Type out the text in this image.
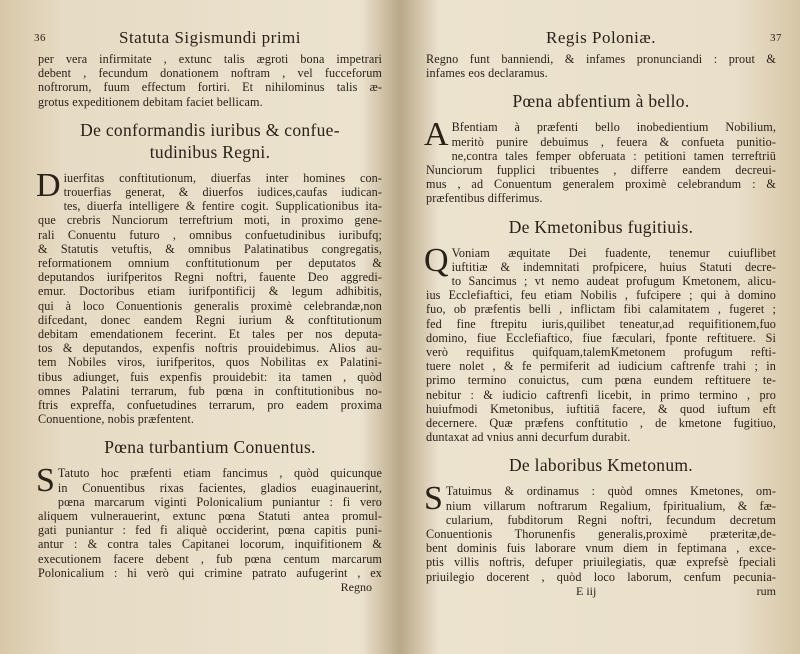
36	Statuta Sigismundi primi
per vera infirmitate , extunc talis ægroti bona impetrari
debent , fecundum donationem noftram , vel fucceforum
noftrorum, fuum effectum fortiri. Et nihilominus talis æ-
grotus expeditionem debitam faciet bellicam.
De conformandis iuribus & confue-
tudinibus Regni.
D iuerfitas conftitutionum, diuerfas inter homines con-
trouerfias generat, & diuerfos iudices,caufas iudican-
tes, diuerfa intelligere & fentire cogit. Supplicationibus ita-
que crebris Nunciorum terreftrium moti, in proximo gene-
rali Conuentu futuro , omnibus confuetudinibus iuribufq;
& Statutis vetuftis, & omnibus Palatinatibus congregatis,
reformationem omnium conftitutionum per deputatos &
deputandos iurifperitos Regni noftri, fauente Deo aggredi-
emur. Doctoribus etiam iurifpontificij & legum adhibitis,
qui à loco Conuentionis generalis proximè celebrandæ,non
difcedant, donec eandem Regni iurium & conftitutionum
debitam emendationem fecerint. Et tales per nos deputa-
tos & deputandos, expenfis noftris prouidebimus. Alios au-
tem Nobiles viros, iurifperitos, quos Nobilitas ex Palatini-
tibus adiunget, fuis expenfis prouidebit: ita tamen , quòd
omnes Palatini terrarum, fub pœna in conftitutionibus no-
ftris expreffa, confuetudines terrarum, pro eadem proxima
Conuentione, nobis præfentent.
Pœna turbantium Conuentus.
S Tatuto hoc præfenti etiam fancimus , quòd quicunque
in Conuentibus rixas facientes, gladios euaginauerint,
pœna marcarum viginti Polonicalium puniantur : fi vero
aliquem vulnerauerint, extunc pœna Statuti antea promul-
gati puniantur : fed fi aliquè occiderint, pœna capitis puni-
antur : & contra tales Capitanei locorum, inquifitionem &
executionem facere debent , fub pœna centum marcarum
Polonicalium : hi verò qui crimine patrato aufugerint , ex
Regno
Regis Poloniæ.	37
Regno funt banniendi, & infames pronunciandi : prout &
infames eos declaramus.
Pœna abfentium à bello.
A Bfentiam à præfenti bello inobedientium Nobilium,
meritò punire debuimus , feuera & confueta punitio-
ne,contra tales femper obferuata : petitioni tamen terreftriū
Nunciorum fupplici tribuentes , differre eandem decreui-
mus , ad Conuentum generalem proximè celebrandum : &
præfentibus differimus.
De Kmetonibus fugitiuis.
Q Voniam æquitate Dei fuadente, tenemur cuiuflibet
iuftitiæ & indemnitati profpicere, huius Statuti decre-
to Sancimus ; vt nemo audeat profugum Kmetonem, alicu-
ius Ecclefiaftici, feu etiam Nobilis , fufcipere ; qui à domino
fuo, ob præfentis belli , inflictam fibi calamitatem , fugeret ;
fed fine ftrepitu iuris,quilibet teneatur,ad requifitionem,fuo
domino, fiue Ecclefiaftico, fiue fæculari, fponte reftituere. Si
verò requifitus quifquam,talemKmetonem profugum refti-
tuere nolet , & fe permiferit ad iudicium caftrenfe trahi ; in
primo termino conuictus, cum pœna eundem reftituere te-
nebitur : & iudicio caftrenfi licebit, in primo termino , pro
huiufmodi Kmetonibus, iuftitiā facere, & quod iuftum eft
decernere. Quæ præfens conftitutio , de kmetone fugitiuo,
duntaxat ad vnius anni decurfum durabit.
De laboribus Kmetonum.
S Tatuimus & ordinamus : quòd omnes Kmetones, om-
nium villarum noftrarum Regalium, fpiritualium, & fæ-
cularium, fubditorum Regni noftri, fecundum decretum
Conuentionis Thorunenfis generalis,proximè præteritæ,de-
bent dominis fuis laborare vnum diem in feptimana , exce-
ptis villis noftris, defuper priuilegiatis, quæ exprefsè fpeciali
priuilegio docerent , quòd loco laborum, cenfum pecunia-
E iij	rum
